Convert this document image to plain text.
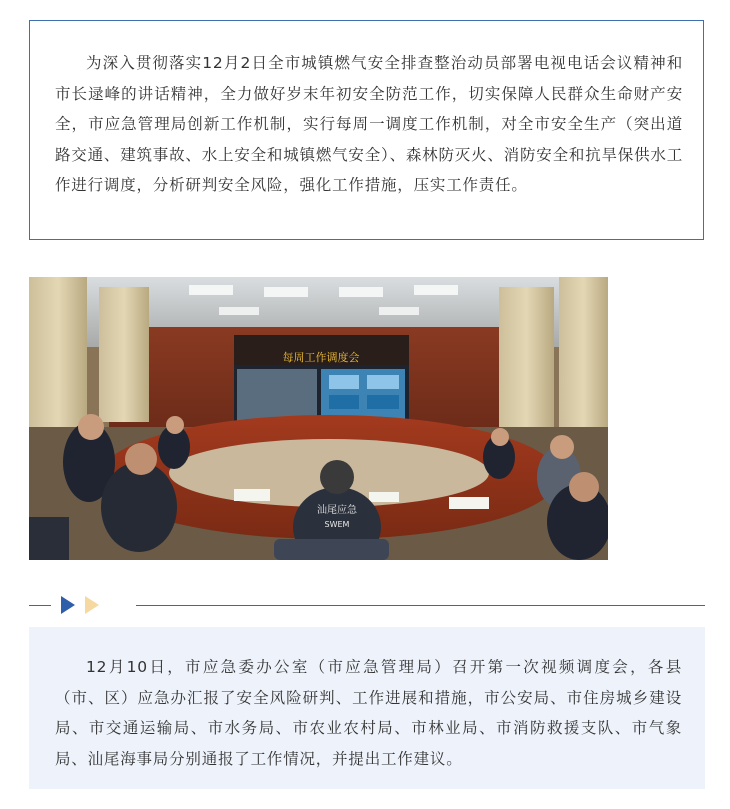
为深入贯彻落实12月2日全市城镇燃气安全排查整治动员部署电视电话会议精神和市长逯峰的讲话精神，全力做好岁末年初安全防范工作，切实保障人民群众生命财产安全，市应急管理局创新工作机制，实行每周一调度工作机制，对全市安全生产（突出道路交通、建筑事故、水上安全和城镇燃气安全）、森林防灭火、消防安全和抗旱保供水工作进行调度，分析研判安全风险，强化工作措施，压实工作责任。

每周工作调度会
汕尾应急
SWEM

12月10日，市应急委办公室（市应急管理局）召开第一次视频调度会，各县（市、区）应急办汇报了安全风险研判、工作进展和措施，市公安局、市住房城乡建设局、市交通运输局、市水务局、市农业农村局、市林业局、市消防救援支队、市气象局、汕尾海事局分别通报了工作情况，并提出工作建议。
